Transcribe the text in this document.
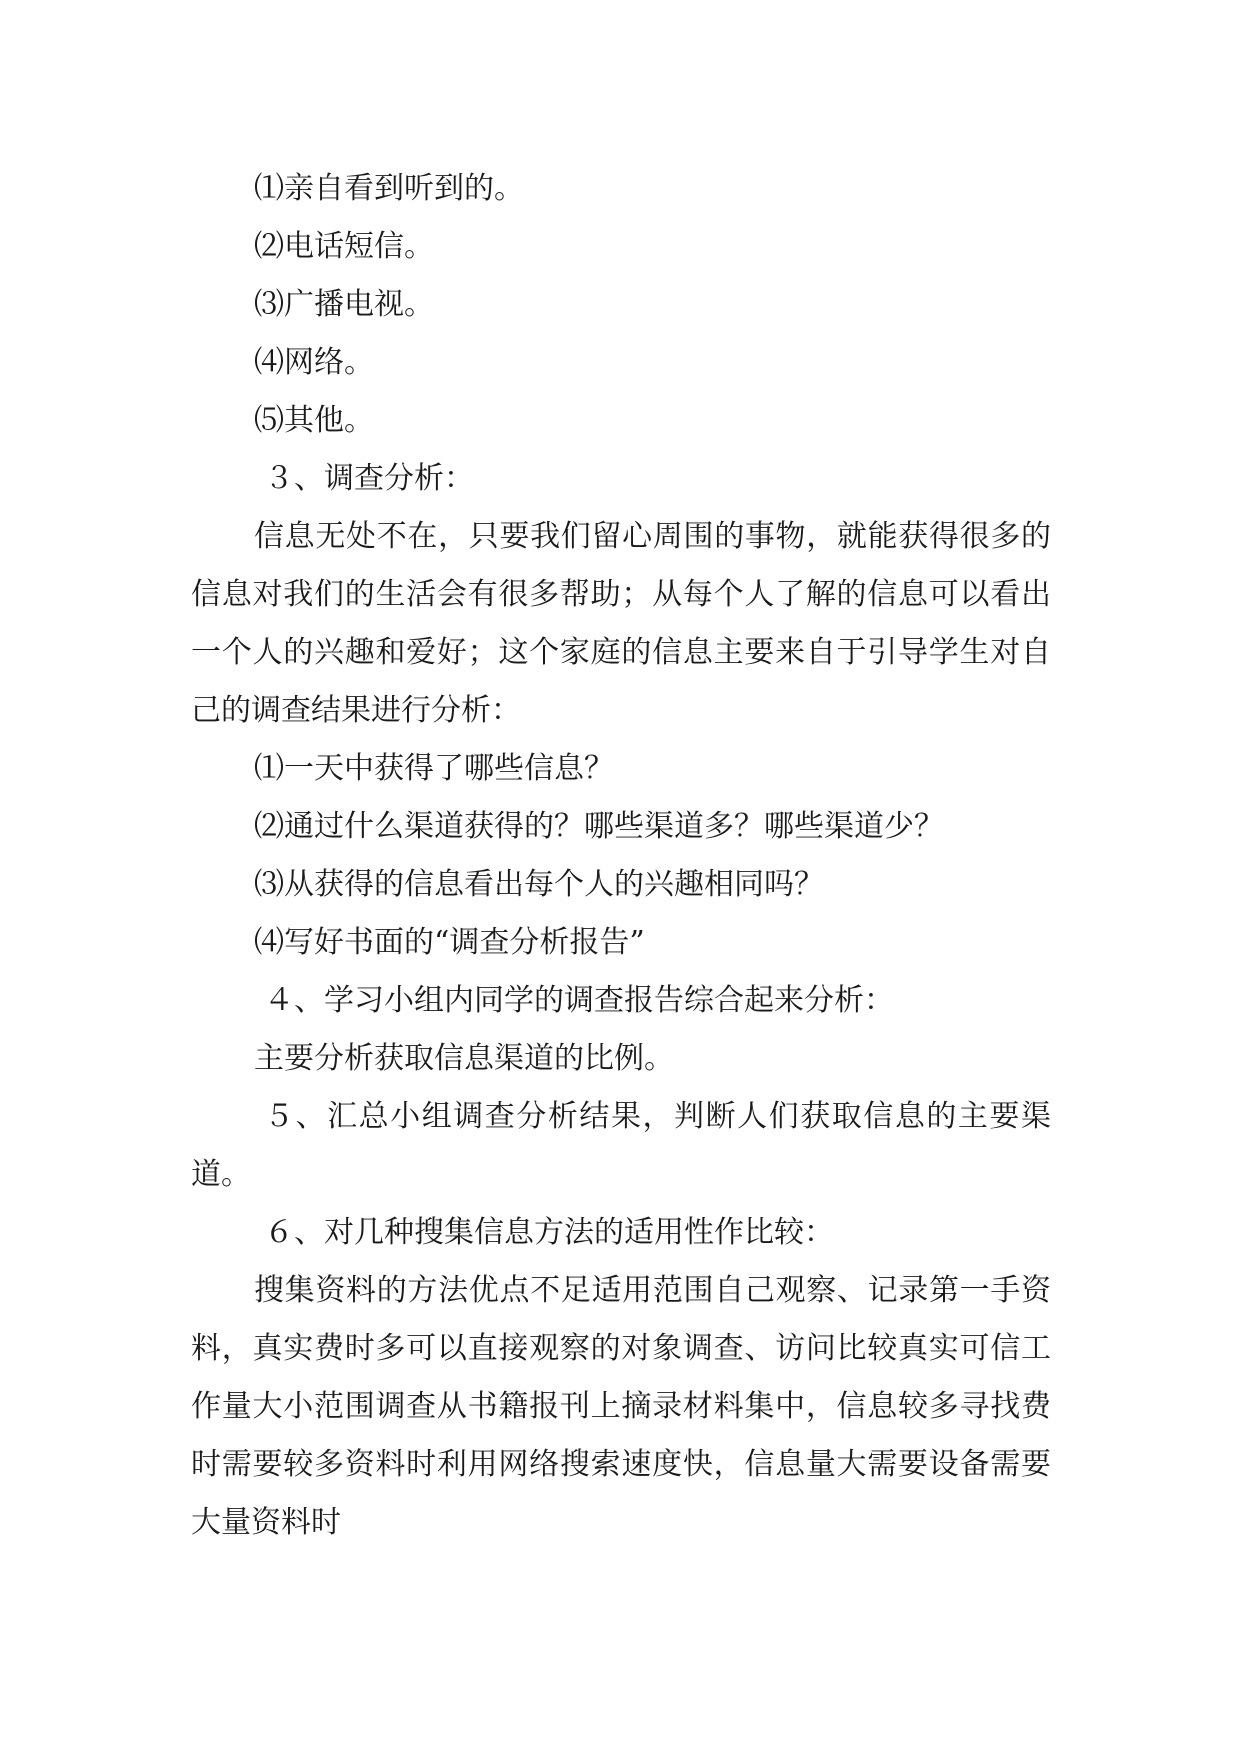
⑴亲自看到听到的。

⑵电话短信。

⑶广播电视。

⑷网络。

⑸其他。

３、调查分析：

信息无处不在，只要我们留心周围的事物，就能获得很多的信息对我们的生活会有很多帮助；从每个人了解的信息可以看出一个人的兴趣和爱好；这个家庭的信息主要来自于引导学生对自己的调查结果进行分析：

⑴一天中获得了哪些信息？

⑵通过什么渠道获得的？哪些渠道多？哪些渠道少？

⑶从获得的信息看出每个人的兴趣相同吗？

⑷写好书面的“调查分析报告”

４、学习小组内同学的调查报告综合起来分析：

主要分析获取信息渠道的比例。

５、汇总小组调查分析结果，判断人们获取信息的主要渠道。

６、对几种搜集信息方法的适用性作比较：

搜集资料的方法优点不足适用范围自己观察、记录第一手资料，真实费时多可以直接观察的对象调查、访问比较真实可信工作量大小范围调查从书籍报刊上摘录材料集中，信息较多寻找费时需要较多资料时利用网络搜索速度快，信息量大需要设备需要大量资料时
